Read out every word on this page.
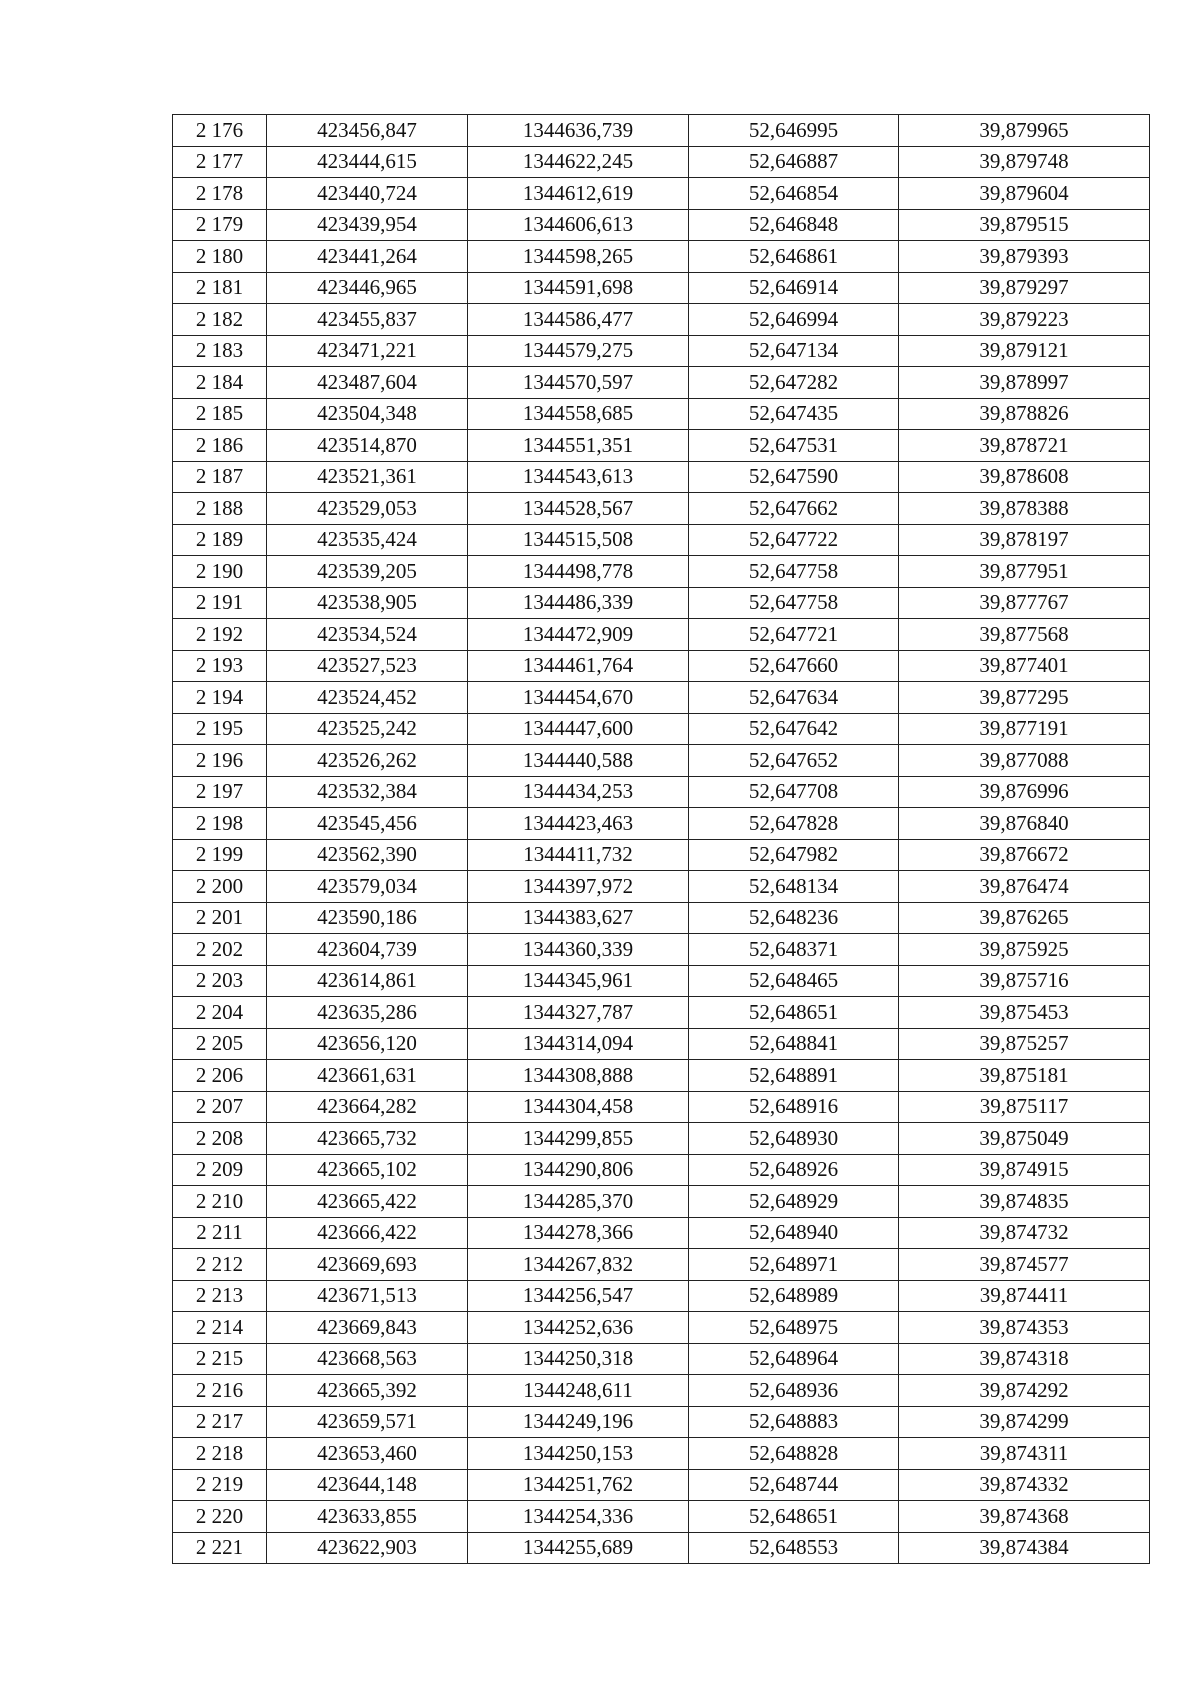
2 176	423456,847	1344636,739	52,646995	39,879965
2 177	423444,615	1344622,245	52,646887	39,879748
2 178	423440,724	1344612,619	52,646854	39,879604
2 179	423439,954	1344606,613	52,646848	39,879515
2 180	423441,264	1344598,265	52,646861	39,879393
2 181	423446,965	1344591,698	52,646914	39,879297
2 182	423455,837	1344586,477	52,646994	39,879223
2 183	423471,221	1344579,275	52,647134	39,879121
2 184	423487,604	1344570,597	52,647282	39,878997
2 185	423504,348	1344558,685	52,647435	39,878826
2 186	423514,870	1344551,351	52,647531	39,878721
2 187	423521,361	1344543,613	52,647590	39,878608
2 188	423529,053	1344528,567	52,647662	39,878388
2 189	423535,424	1344515,508	52,647722	39,878197
2 190	423539,205	1344498,778	52,647758	39,877951
2 191	423538,905	1344486,339	52,647758	39,877767
2 192	423534,524	1344472,909	52,647721	39,877568
2 193	423527,523	1344461,764	52,647660	39,877401
2 194	423524,452	1344454,670	52,647634	39,877295
2 195	423525,242	1344447,600	52,647642	39,877191
2 196	423526,262	1344440,588	52,647652	39,877088
2 197	423532,384	1344434,253	52,647708	39,876996
2 198	423545,456	1344423,463	52,647828	39,876840
2 199	423562,390	1344411,732	52,647982	39,876672
2 200	423579,034	1344397,972	52,648134	39,876474
2 201	423590,186	1344383,627	52,648236	39,876265
2 202	423604,739	1344360,339	52,648371	39,875925
2 203	423614,861	1344345,961	52,648465	39,875716
2 204	423635,286	1344327,787	52,648651	39,875453
2 205	423656,120	1344314,094	52,648841	39,875257
2 206	423661,631	1344308,888	52,648891	39,875181
2 207	423664,282	1344304,458	52,648916	39,875117
2 208	423665,732	1344299,855	52,648930	39,875049
2 209	423665,102	1344290,806	52,648926	39,874915
2 210	423665,422	1344285,370	52,648929	39,874835
2 211	423666,422	1344278,366	52,648940	39,874732
2 212	423669,693	1344267,832	52,648971	39,874577
2 213	423671,513	1344256,547	52,648989	39,874411
2 214	423669,843	1344252,636	52,648975	39,874353
2 215	423668,563	1344250,318	52,648964	39,874318
2 216	423665,392	1344248,611	52,648936	39,874292
2 217	423659,571	1344249,196	52,648883	39,874299
2 218	423653,460	1344250,153	52,648828	39,874311
2 219	423644,148	1344251,762	52,648744	39,874332
2 220	423633,855	1344254,336	52,648651	39,874368
2 221	423622,903	1344255,689	52,648553	39,874384
